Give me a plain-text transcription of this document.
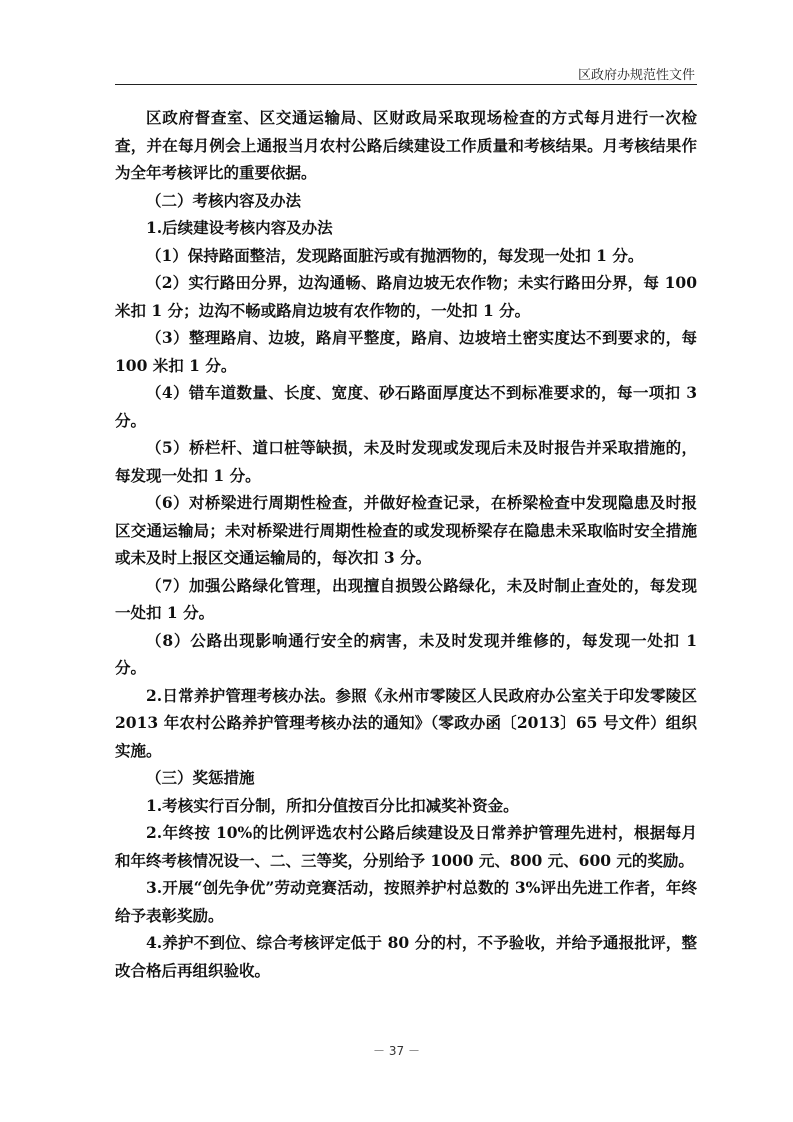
区政府办规范性文件

区政府督查室、区交通运输局、区财政局采取现场检查的方式每月进行一次检查，并在每月例会上通报当月农村公路后续建设工作质量和考核结果。月考核结果作为全年考核评比的重要依据。

（二）考核内容及办法

1.后续建设考核内容及办法

（1）保持路面整洁，发现路面脏污或有抛洒物的，每发现一处扣 1 分。

（2）实行路田分界，边沟通畅、路肩边坡无农作物；未实行路田分界，每 100 米扣 1 分；边沟不畅或路肩边坡有农作物的，一处扣 1 分。

（3）整理路肩、边坡，路肩平整度，路肩、边坡培土密实度达不到要求的，每 100 米扣 1 分。

（4）错车道数量、长度、宽度、砂石路面厚度达不到标准要求的，每一项扣 3 分。

（5）桥栏杆、道口桩等缺损，未及时发现或发现后未及时报告并采取措施的，每发现一处扣 1 分。

（6）对桥梁进行周期性检查，并做好检查记录，在桥梁检查中发现隐患及时报区交通运输局；未对桥梁进行周期性检查的或发现桥梁存在隐患未采取临时安全措施或未及时上报区交通运输局的，每次扣 3 分。

（7）加强公路绿化管理，出现擅自损毁公路绿化，未及时制止查处的，每发现一处扣 1 分。

（8）公路出现影响通行安全的病害，未及时发现并维修的，每发现一处扣 1 分。

2.日常养护管理考核办法。参照《永州市零陵区人民政府办公室关于印发零陵区 2013 年农村公路养护管理考核办法的通知》（零政办函〔2013〕65 号文件）组织实施。

（三）奖惩措施

1.考核实行百分制，所扣分值按百分比扣减奖补资金。

2.年终按 10%的比例评选农村公路后续建设及日常养护管理先进村，根据每月和年终考核情况设一、二、三等奖，分别给予 1000 元、800 元、600 元的奖励。

3.开展“创先争优”劳动竞赛活动，按照养护村总数的 3%评出先进工作者，年终给予表彰奖励。

4.养护不到位、综合考核评定低于 80 分的村，不予验收，并给予通报批评，整改合格后再组织验收。

－ 37 －
